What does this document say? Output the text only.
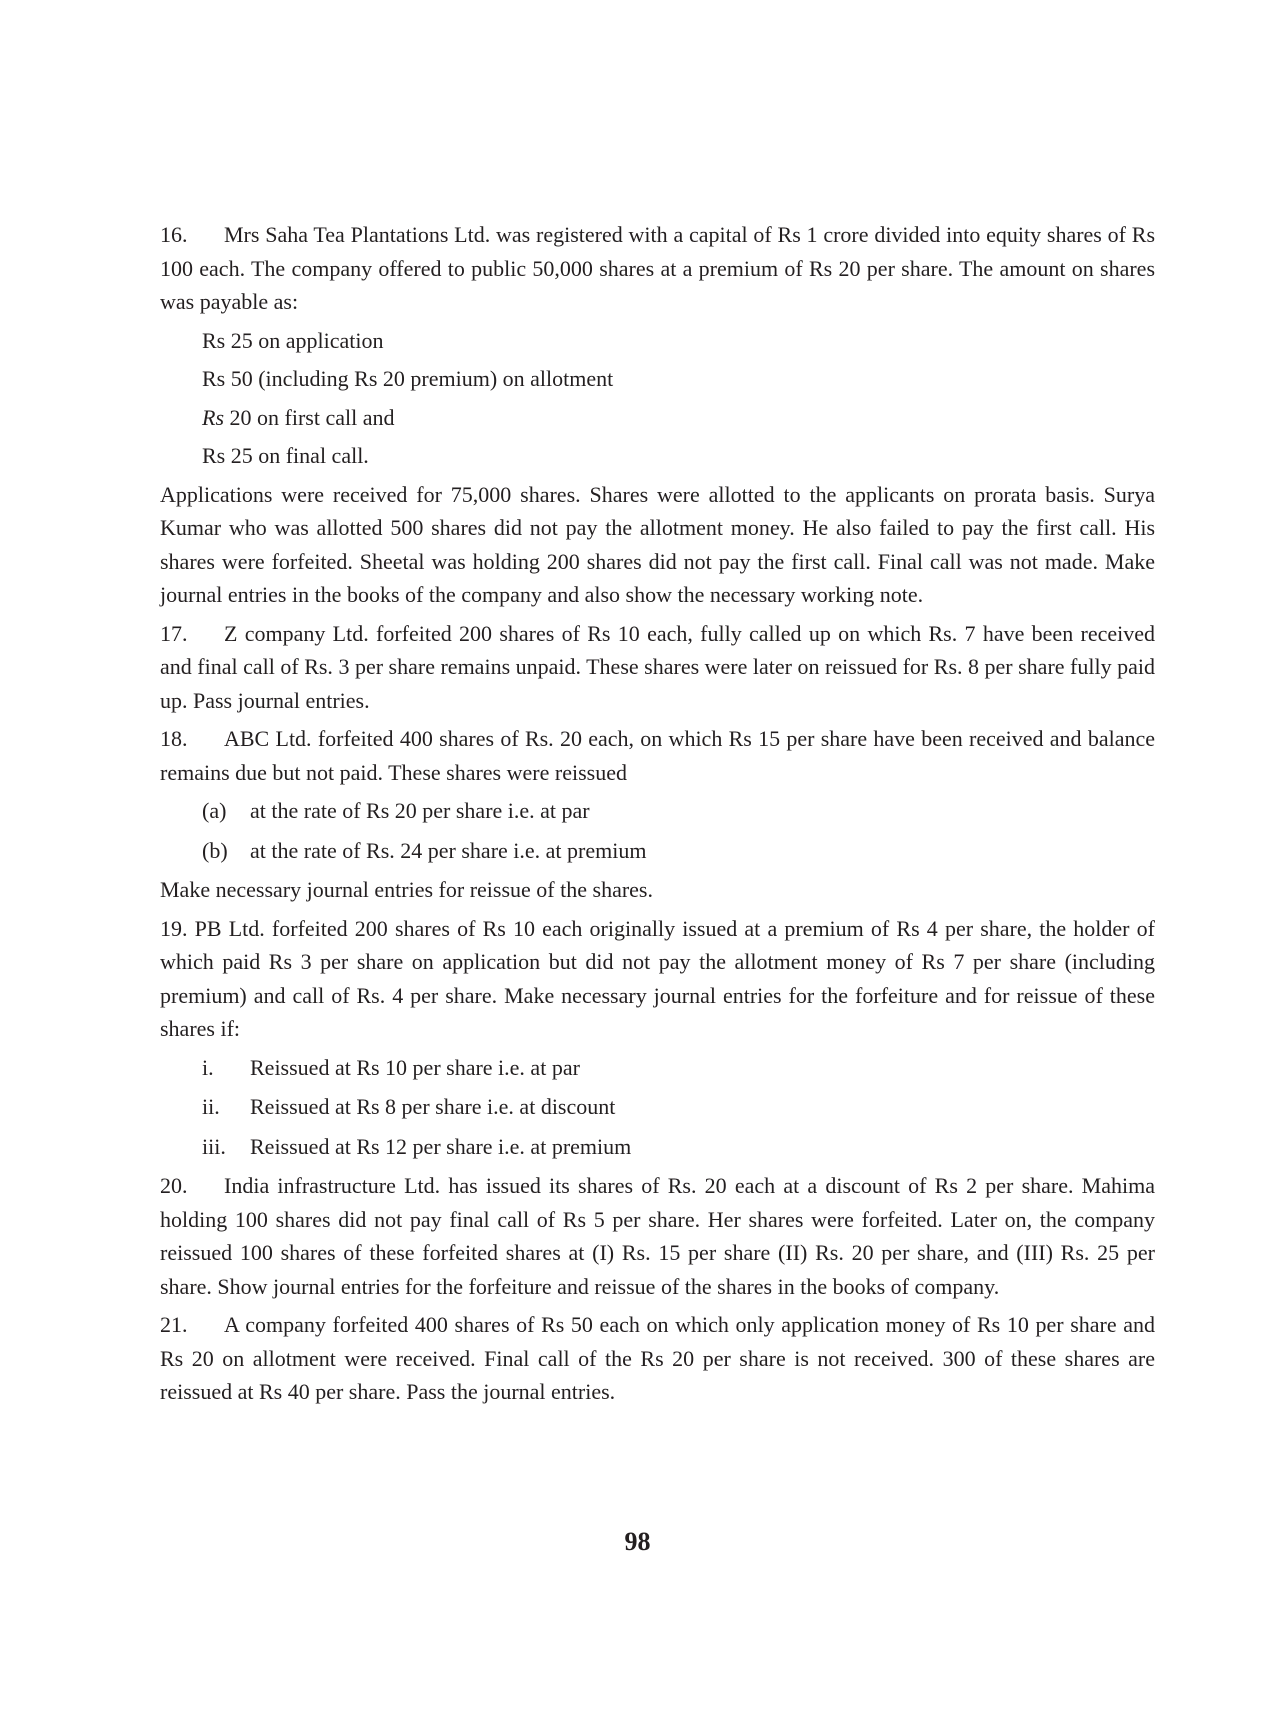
16. Mrs Saha Tea Plantations Ltd. was registered with a capital of Rs 1 crore divided into equity shares of Rs 100 each. The company offered to public 50,000 shares at a premium of Rs 20 per share. The amount on shares was payable as:

Rs 25 on application

Rs 50 (including Rs 20 premium) on allotment

Rs 20 on first call and

Rs 25 on final call.

Applications were received for 75,000 shares. Shares were allotted to the applicants on prorata basis. Surya Kumar who was allotted 500 shares did not pay the allotment money. He also failed to pay the first call. His shares were forfeited. Sheetal was holding 200 shares did not pay the first call. Final call was not made. Make journal entries in the books of the company and also show the necessary working note.

17. Z company Ltd. forfeited 200 shares of Rs 10 each, fully called up on which Rs. 7 have been received and final call of Rs. 3 per share remains unpaid. These shares were later on reissued for Rs. 8 per share fully paid up. Pass journal entries.

18. ABC Ltd. forfeited 400 shares of Rs. 20 each, on which Rs 15 per share have been received and balance remains due but not paid. These shares were reissued

(a)	at the rate of Rs 20 per share i.e. at par
(b)	at the rate of Rs. 24 per share i.e. at premium

Make necessary journal entries for reissue of the shares.

19. PB Ltd. forfeited 200 shares of Rs 10 each originally issued at a premium of Rs 4 per share, the holder of which paid Rs 3 per share on application but did not pay the allotment money of Rs 7 per share (including premium) and call of Rs. 4 per share. Make necessary journal entries for the forfeiture and for reissue of these shares if:

i.	Reissued at Rs 10 per share i.e. at par
ii.	Reissued at Rs 8 per share i.e. at discount
iii.	Reissued at Rs 12 per share i.e. at premium

20. India infrastructure Ltd. has issued its shares of Rs. 20 each at a discount of Rs 2 per share. Mahima holding 100 shares did not pay final call of Rs 5 per share. Her shares were forfeited. Later on, the company reissued 100 shares of these forfeited shares at (I) Rs. 15 per share (II) Rs. 20 per share, and (III) Rs. 25 per share. Show journal entries for the forfeiture and reissue of the shares in the books of company.

21. A company forfeited 400 shares of Rs 50 each on which only application money of Rs 10 per share and Rs 20 on allotment were received. Final call of the Rs 20 per share is not received. 300 of these shares are reissued at Rs 40 per share. Pass the journal entries.

98
